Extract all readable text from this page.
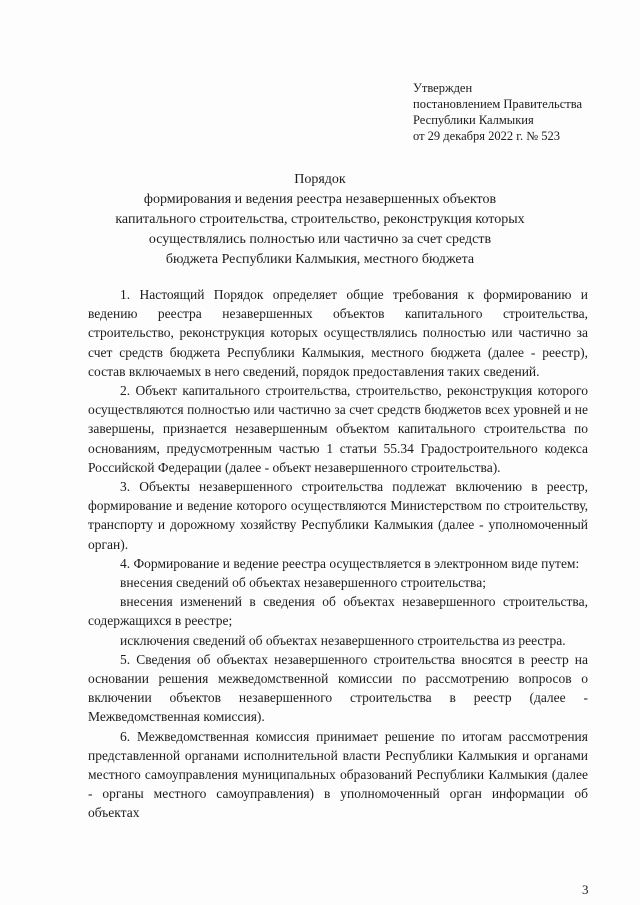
Утвержден
постановлением Правительства
Республики Калмыкия
от 29 декабря 2022 г. № 523
Порядок
формирования и ведения реестра незавершенных объектов
капитального строительства, строительство, реконструкция которых
осуществлялись полностью или частично за счет средств
бюджета Республики Калмыкия, местного бюджета

1. Настоящий Порядок определяет общие требования к формированию и ведению реестра незавершенных объектов капитального строительства, строительство, реконструкция которых осуществлялись полностью или частично за счет средств бюджета Республики Калмыкия, местного бюджета (далее - реестр), состав включаемых в него сведений, порядок предоставления таких сведений.

2. Объект капитального строительства, строительство, реконструкция которого осуществляются полностью или частично за счет средств бюджетов всех уровней и не завершены, признается незавершенным объектом капитального строительства по основаниям, предусмотренным частью 1 статьи 55.34 Градостроительного кодекса Российской Федерации (далее - объект незавершенного строительства).

3. Объекты незавершенного строительства подлежат включению в реестр, формирование и ведение которого осуществляются Министерством по строительству, транспорту и дорожному хозяйству Республики Калмыкия (далее - уполномоченный орган).

4. Формирование и ведение реестра осуществляется в электронном виде путем:

внесения сведений об объектах незавершенного строительства;

внесения изменений в сведения об объектах незавершенного строительства, содержащихся в реестре;

исключения сведений об объектах незавершенного строительства из реестра.

5. Сведения об объектах незавершенного строительства вносятся в реестр на основании решения межведомственной комиссии по рассмотрению вопросов о включении объектов незавершенного строительства в реестр (далее - Межведомственная комиссия).

6. Межведомственная комиссия принимает решение по итогам рассмотрения представленной органами исполнительной власти Республики Калмыкия и органами местного самоуправления муниципальных образований Республики Калмыкия (далее - органы местного самоуправления) в уполномоченный орган информации об объектах

3
